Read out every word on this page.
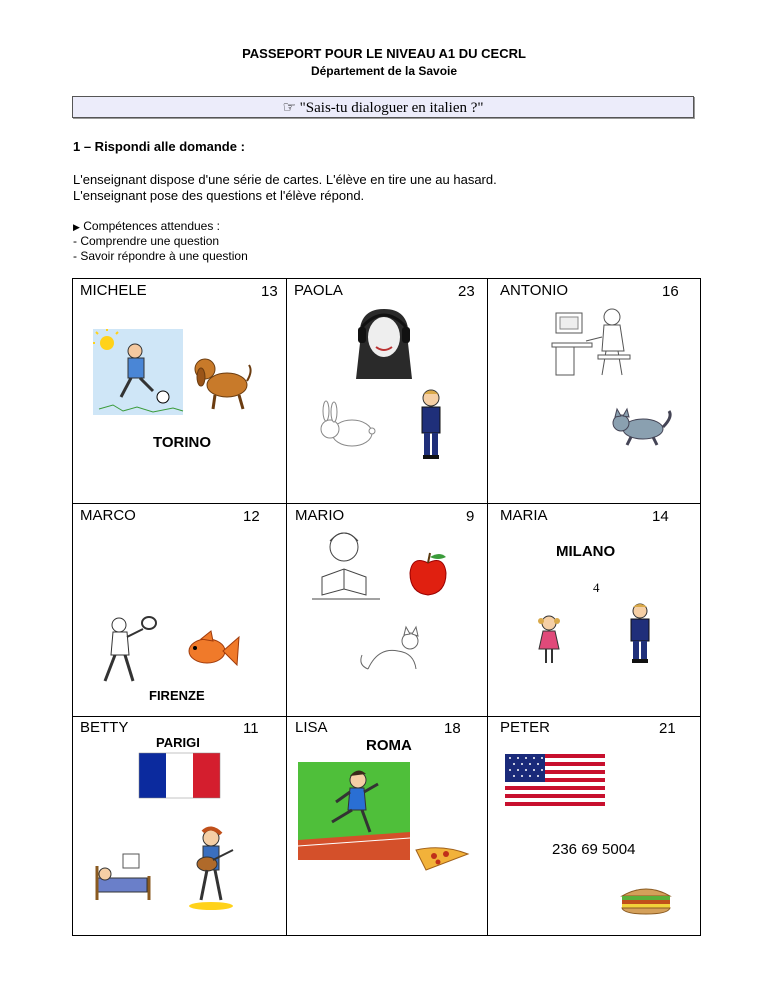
PASSEPORT POUR LE NIVEAU A1 DU CECRL
Département de la Savoie
☞ "Sais-tu dialoguer en italien ?"
1 – Rispondi alle domande :
L'enseignant dispose d'une série de cartes. L'élève en tire une au hasard.
L'enseignant pose des questions et l'élève répond.
▶ Compétences attendues :
- Comprendre une question
- Savoir répondre à une question
MICHELE	13
TORINO
PAOLA	23 ANTONIO	16
MARCO	12
FIRENZE
MARIO	9 MARIA	14
MILANO
4
BETTY	11
PARIGI
LISA	18
ROMA
PETER	21
236 69 5004
